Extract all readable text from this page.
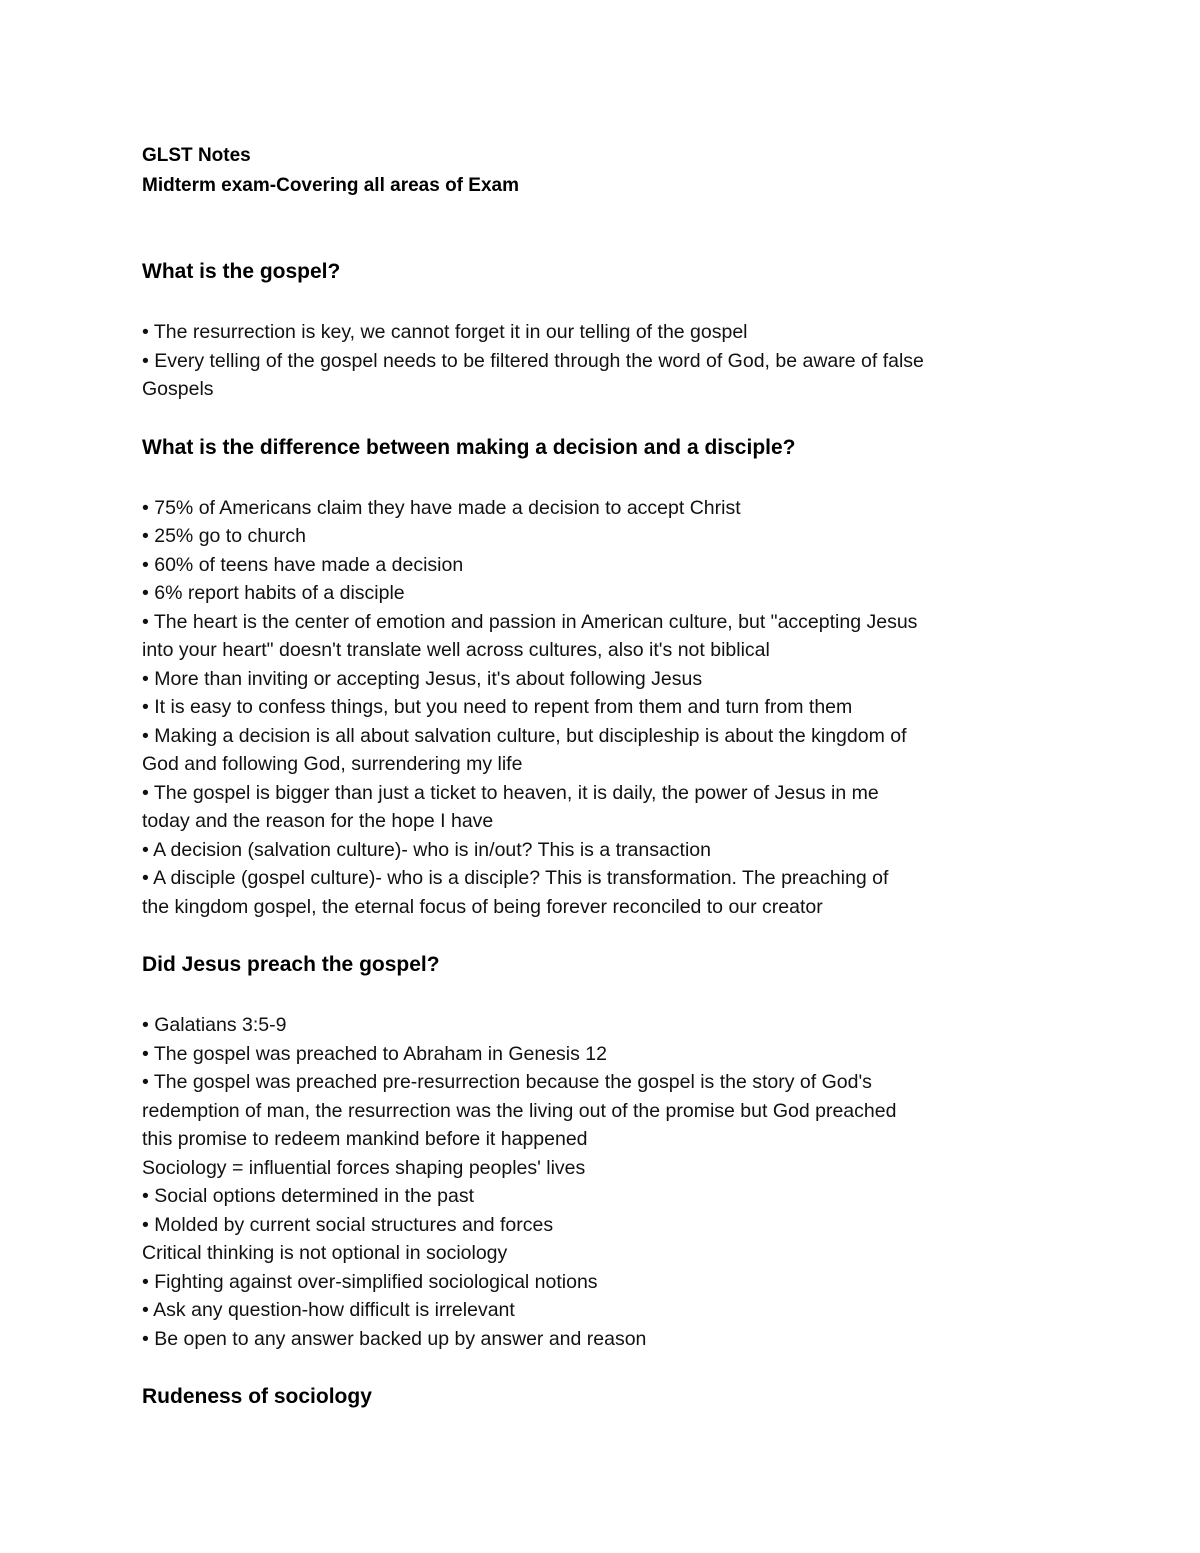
GLST Notes

Midterm exam-Covering all areas of Exam

What is the gospel?

• The resurrection is key, we cannot forget it in our telling of the gospel

• Every telling of the gospel needs to be filtered through the word of God, be aware of false

Gospels

What is the difference between making a decision and a disciple?

• 75% of Americans claim they have made a decision to accept Christ

• 25% go to church

• 60% of teens have made a decision

• 6% report habits of a disciple

• The heart is the center of emotion and passion in American culture, but "accepting Jesus

into your heart" doesn't translate well across cultures, also it's not biblical

• More than inviting or accepting Jesus, it's about following Jesus

• It is easy to confess things, but you need to repent from them and turn from them

• Making a decision is all about salvation culture, but discipleship is about the kingdom of

God and following God, surrendering my life

• The gospel is bigger than just a ticket to heaven, it is daily, the power of Jesus in me

today and the reason for the hope I have

• A decision (salvation culture)- who is in/out? This is a transaction

• A disciple (gospel culture)- who is a disciple? This is transformation. The preaching of

the kingdom gospel, the eternal focus of being forever reconciled to our creator

Did Jesus preach the gospel?

• Galatians 3:5-9

• The gospel was preached to Abraham in Genesis 12

• The gospel was preached pre-resurrection because the gospel is the story of God's

redemption of man, the resurrection was the living out of the promise but God preached

this promise to redeem mankind before it happened

Sociology = influential forces shaping peoples' lives

• Social options determined in the past

• Molded by current social structures and forces

Critical thinking is not optional in sociology

• Fighting against over-simplified sociological notions

• Ask any question-how difficult is irrelevant

• Be open to any answer backed up by answer and reason

Rudeness of sociology
